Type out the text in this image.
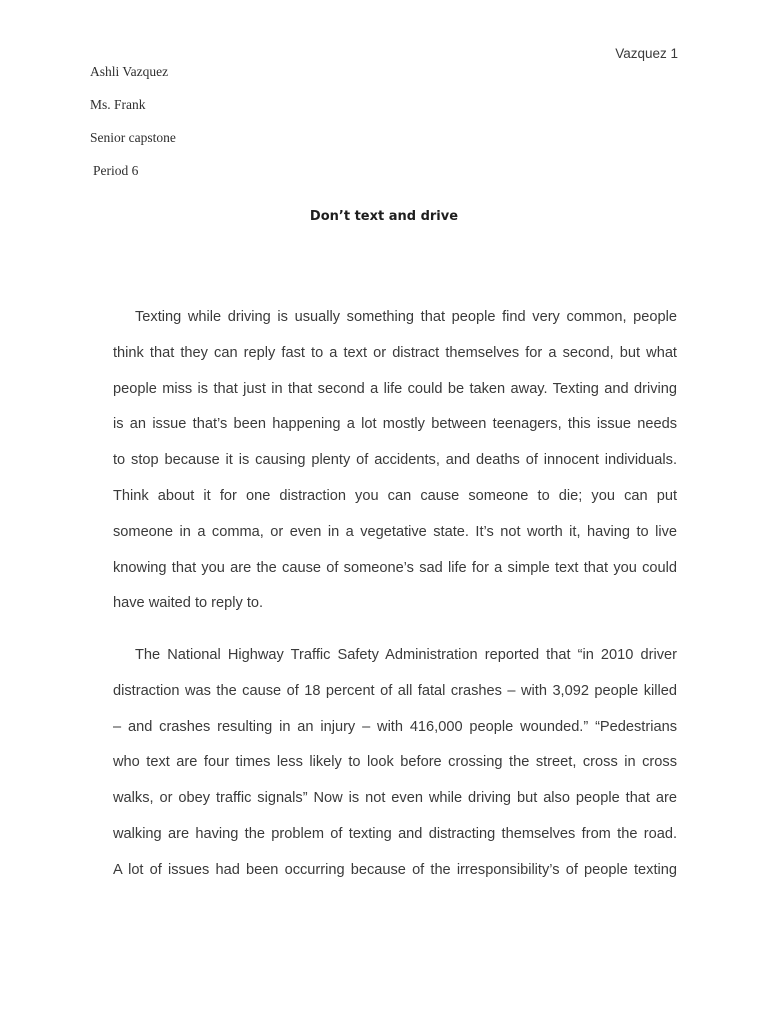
Vazquez 1
Ashli Vazquez
Ms. Frank
Senior capstone
Period 6
Don’t text and drive
Texting while driving is usually something that people find very common, people
think that they can reply fast to a text or distract themselves for a second, but what
people miss is that just in that second a life could be taken away. Texting and driving
is an issue that’s been happening a lot mostly between teenagers, this issue needs
to stop because it is causing plenty of accidents, and deaths of innocent individuals.
Think about it for one distraction you can cause someone to die; you can put
someone in a comma, or even in a vegetative state. It’s not worth it, having to live
knowing that you are the cause of someone’s sad life for a simple text that you could
have waited to reply to.
The National Highway Traffic Safety Administration reported that “in 2010 driver
distraction was the cause of 18 percent of all fatal crashes – with 3,092 people killed
– and crashes resulting in an injury – with 416,000 people wounded.” “Pedestrians
who text are four times less likely to look before crossing the street, cross in cross
walks, or obey traffic signals” Now is not even while driving but also people that are
walking are having the problem of texting and distracting themselves from the road.
A lot of issues had been occurring because of the irresponsibility’s of people texting
